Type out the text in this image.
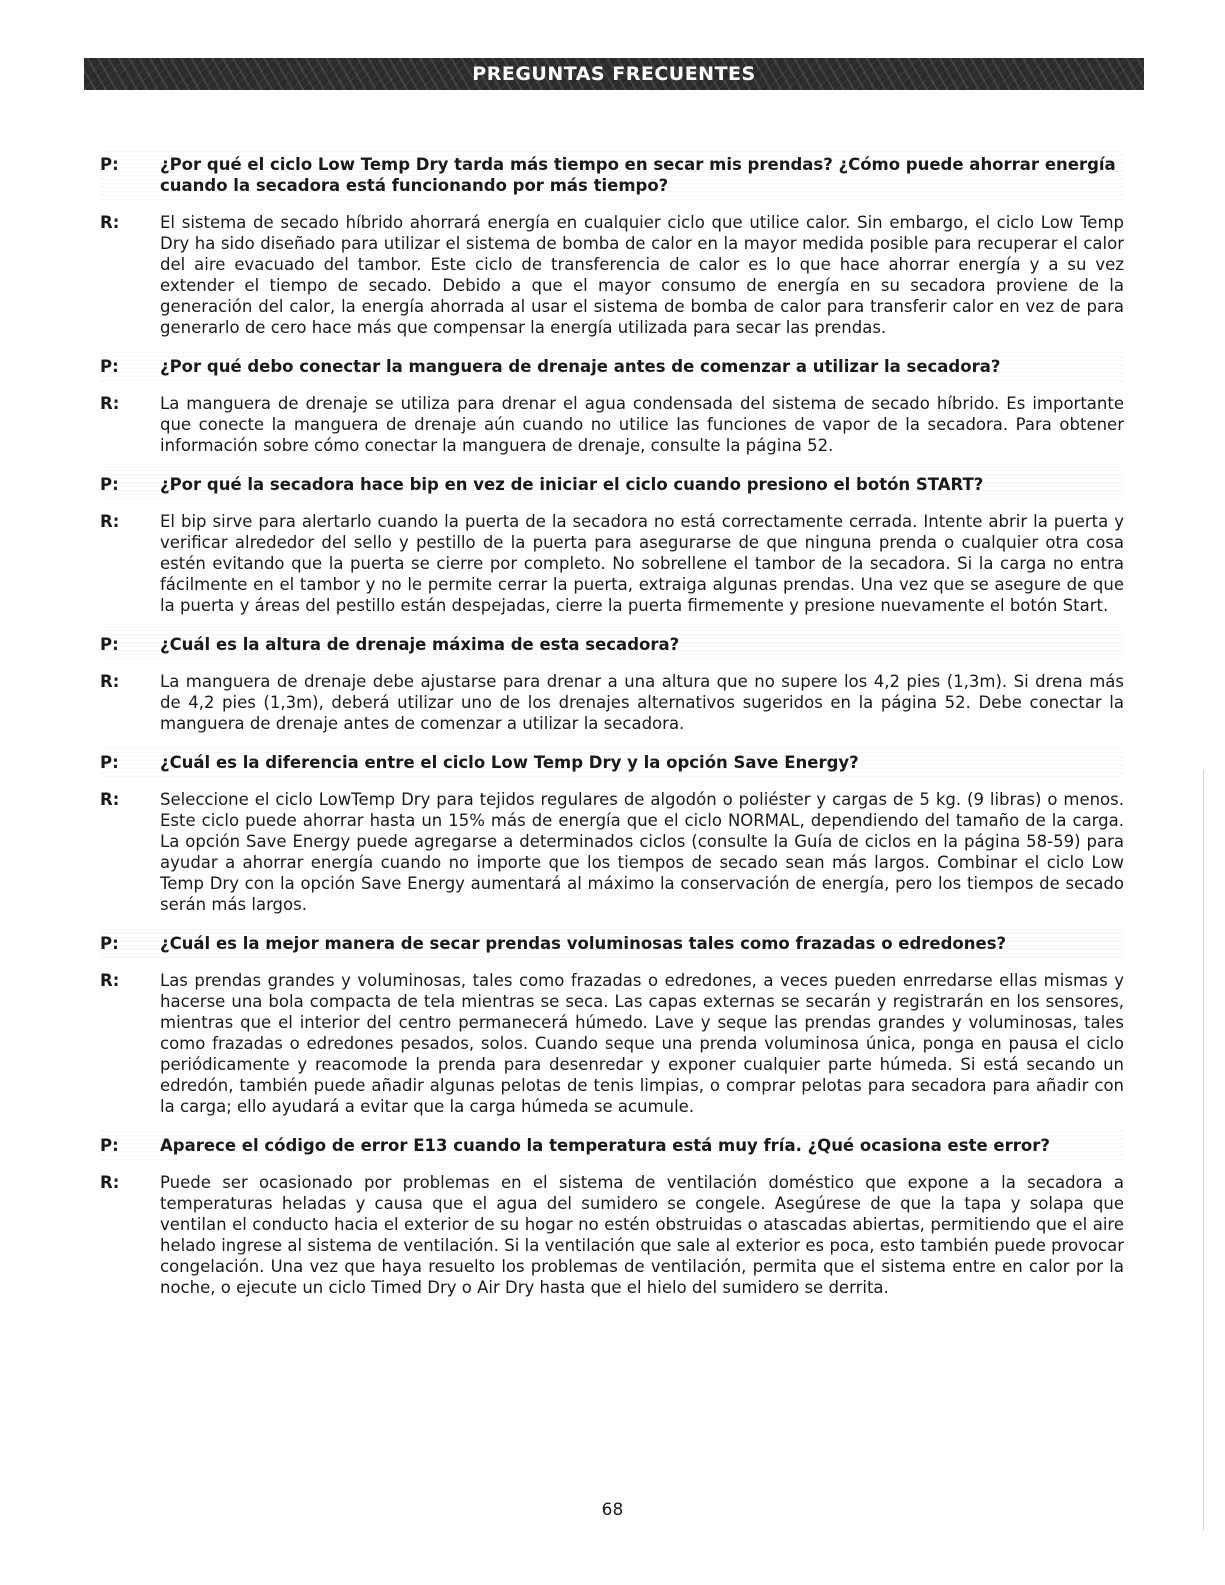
PREGUNTAS FRECUENTES
P:	¿Por qué el ciclo Low Temp Dry tarda más tiempo en secar mis prendas? ¿Cómo puede ahorrar energía cuando la secadora está funcionando por más tiempo?
R:	El sistema de secado híbrido ahorrará energía en cualquier ciclo que utilice calor. Sin embargo, el ciclo Low Temp Dry ha sido diseñado para utilizar el sistema de bomba de calor en la mayor medida posible para recuperar el calor del aire evacuado del tambor. Este ciclo de transferencia de calor es lo que hace ahorrar energía y a su vez extender el tiempo de secado. Debido a que el mayor consumo de energía en su secadora proviene de la generación del calor, la energía ahorrada al usar el sistema de bomba de calor para transferir calor en vez de para generarlo de cero hace más que compensar la energía utilizada para secar las prendas.
P:	¿Por qué debo conectar la manguera de drenaje antes de comenzar a utilizar la secadora?
R:	La manguera de drenaje se utiliza para drenar el agua condensada del sistema de secado híbrido. Es importante que conecte la manguera de drenaje aún cuando no utilice las funciones de vapor de la secadora. Para obtener información sobre cómo conectar la manguera de drenaje, consulte la página 52.
P:	¿Por qué la secadora hace bip en vez de iniciar el ciclo cuando presiono el botón START?
R:	El bip sirve para alertarlo cuando la puerta de la secadora no está correctamente cerrada. Intente abrir la puerta y verificar alrededor del sello y pestillo de la puerta para asegurarse de que ninguna prenda o cualquier otra cosa estén evitando que la puerta se cierre por completo. No sobrellene el tambor de la secadora. Si la carga no entra fácilmente en el tambor y no le permite cerrar la puerta, extraiga algunas prendas. Una vez que se asegure de que la puerta y áreas del pestillo están despejadas, cierre la puerta firmemente y presione nuevamente el botón Start.
P:	¿Cuál es la altura de drenaje máxima de esta secadora?
R:	La manguera de drenaje debe ajustarse para drenar a una altura que no supere los 4,2 pies (1,3m). Si drena más de 4,2 pies (1,3m), deberá utilizar uno de los drenajes alternativos sugeridos en la página 52. Debe conectar la manguera de drenaje antes de comenzar a utilizar la secadora.
P:	¿Cuál es la diferencia entre el ciclo Low Temp Dry y la opción Save Energy?
R:	Seleccione el ciclo LowTemp Dry para tejidos regulares de algodón o poliéster y cargas de 5 kg. (9 libras) o menos. Este ciclo puede ahorrar hasta un 15% más de energía que el ciclo NORMAL, dependiendo del tamaño de la carga. La opción Save Energy puede agregarse a determinados ciclos (consulte la Guía de ciclos en la página 58-59) para ayudar a ahorrar energía cuando no importe que los tiempos de secado sean más largos. Combinar el ciclo Low Temp Dry con la opción Save Energy aumentará al máximo la conservación de energía, pero los tiempos de secado serán más largos.
P:	¿Cuál es la mejor manera de secar prendas voluminosas tales como frazadas o edredones?
R:	Las prendas grandes y voluminosas, tales como frazadas o edredones, a veces pueden enrredarse ellas mismas y hacerse una bola compacta de tela mientras se seca. Las capas externas se secarán y registrarán en los sensores, mientras que el interior del centro permanecerá húmedo. Lave y seque las prendas grandes y voluminosas, tales como frazadas o edredones pesados, solos. Cuando seque una prenda voluminosa única, ponga en pausa el ciclo periódicamente y reacomode la prenda para desenredar y exponer cualquier parte húmeda. Si está secando un edredón, también puede añadir algunas pelotas de tenis limpias, o comprar pelotas para secadora para añadir con la carga; ello ayudará a evitar que la carga húmeda se acumule.
P:	Aparece el código de error E13 cuando la temperatura está muy fría. ¿Qué ocasiona este error?
R:	Puede ser ocasionado por problemas en el sistema de ventilación doméstico que expone a la secadora a temperaturas heladas y causa que el agua del sumidero se congele. Asegúrese de que la tapa y solapa que ventilan el conducto hacia el exterior de su hogar no estén obstruidas o atascadas abiertas, permitiendo que el aire helado ingrese al sistema de ventilación. Si la ventilación que sale al exterior es poca, esto también puede provocar congelación. Una vez que haya resuelto los problemas de ventilación, permita que el sistema entre en calor por la noche, o ejecute un ciclo Timed Dry o Air Dry hasta que el hielo del sumidero se derrita.
68
